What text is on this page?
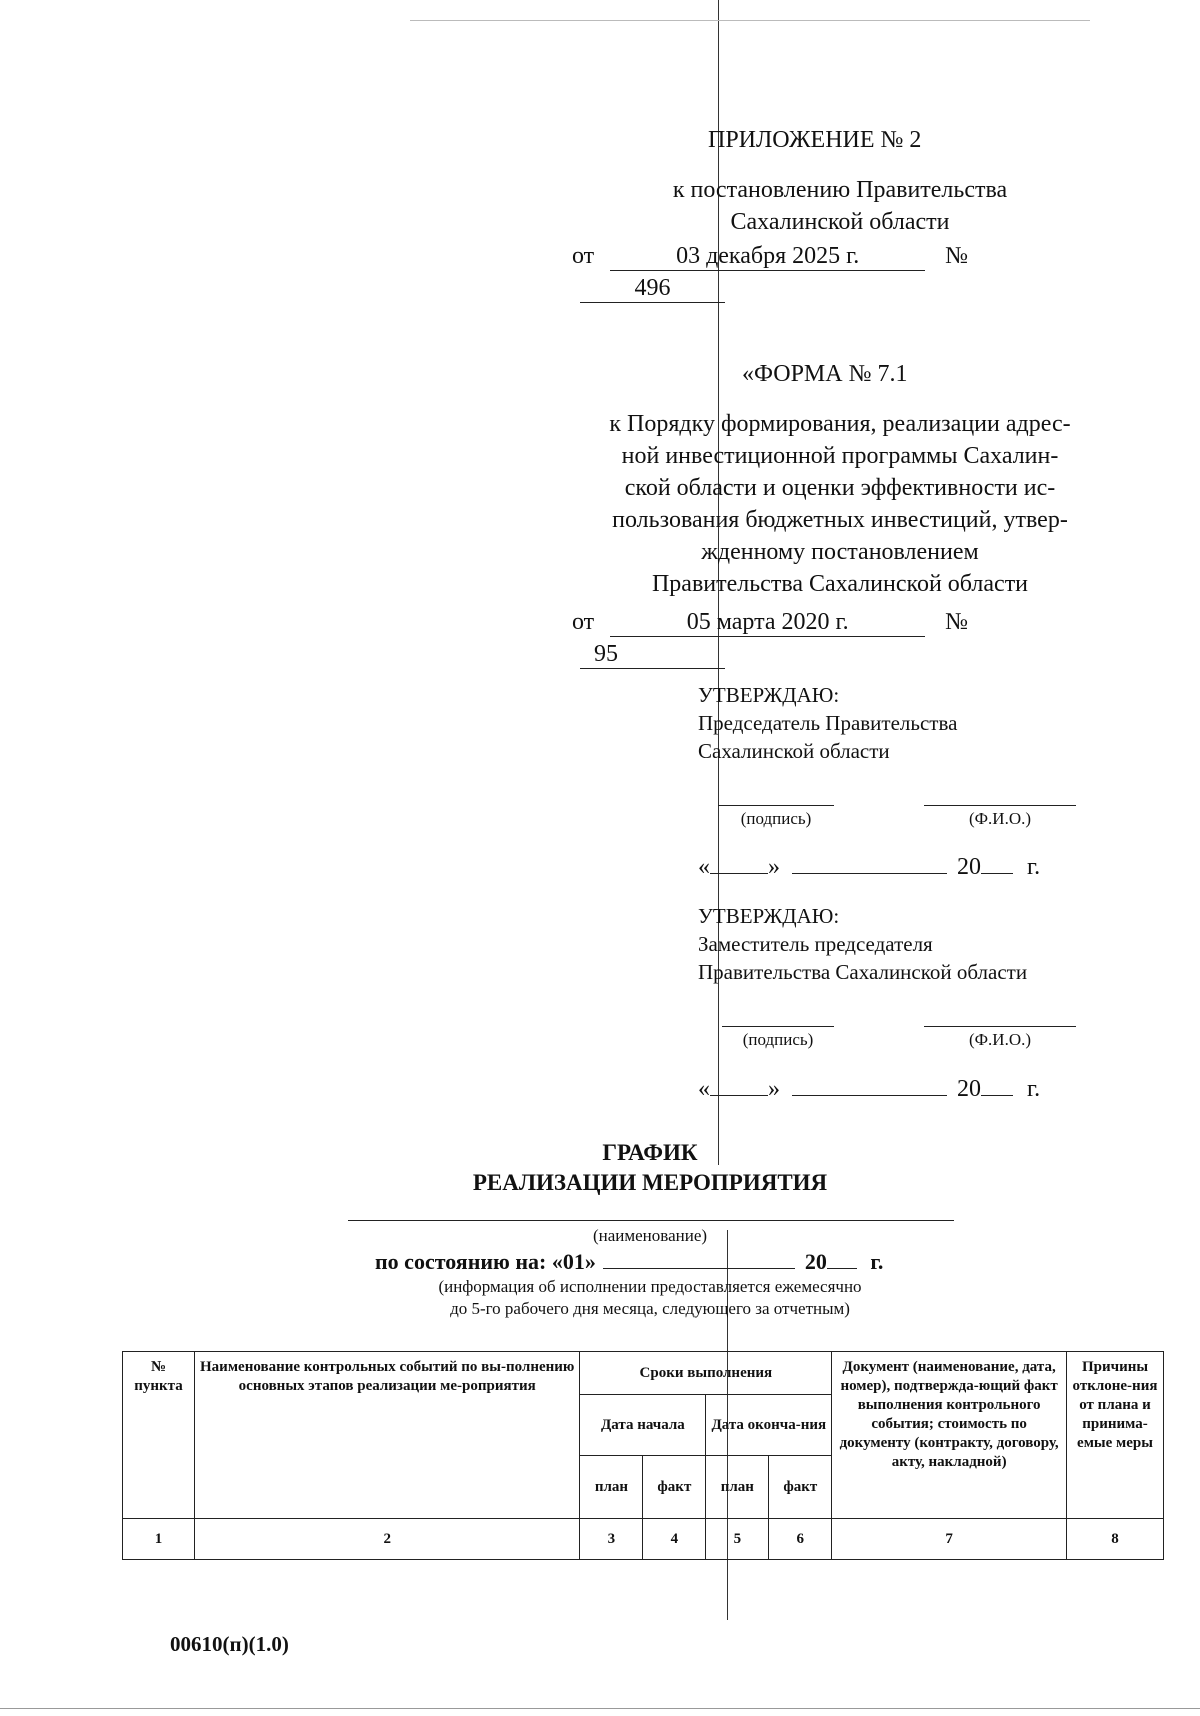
ПРИЛОЖЕНИЕ № 2
к постановлению Правительства
Сахалинской области
от	03 декабря 2025 г.	№ 496
«ФОРМА № 7.1
к Порядку формирования, реализации адрес-
ной инвестиционной программы Сахалин-
ской области и оценки эффективности ис-
пользования бюджетных инвестиций, утвер-
жденному постановлением
Правительства Сахалинской области
от	05 марта 2020 г.	№ 95
УТВЕРЖДАЮ:
Председатель Правительства
Сахалинской области
(подпись)	(Ф.И.О.)
« »	20 г.
УТВЕРЖДАЮ:
Заместитель председателя
Правительства Сахалинской области
(подпись)	(Ф.И.О.)
« »	20 г.
ГРАФИК
РЕАЛИЗАЦИИ МЕРОПРИЯТИЯ
(наименование)
по состоянию на: «01»	20 г.
(информация об исполнении предоставляется ежемесячно
до 5-го рабочего дня месяца, следующего за отчетным)
№ пункта	Наименование контрольных событий по вы-полнению основных этапов реализации ме-роприятия	Сроки выполнения				Документ (наименование, дата, номер), подтвержда-ющий факт выполнения контрольного события; стоимость по документу (контракту, договору, акту, накладной)	Причины отклоне-ния от плана и принима-емые меры
		Дата начала		Дата оконча-ния			
		план	факт	план	факт		
1	2	3	4	5	6	7	8
00610(п)(1.0)
